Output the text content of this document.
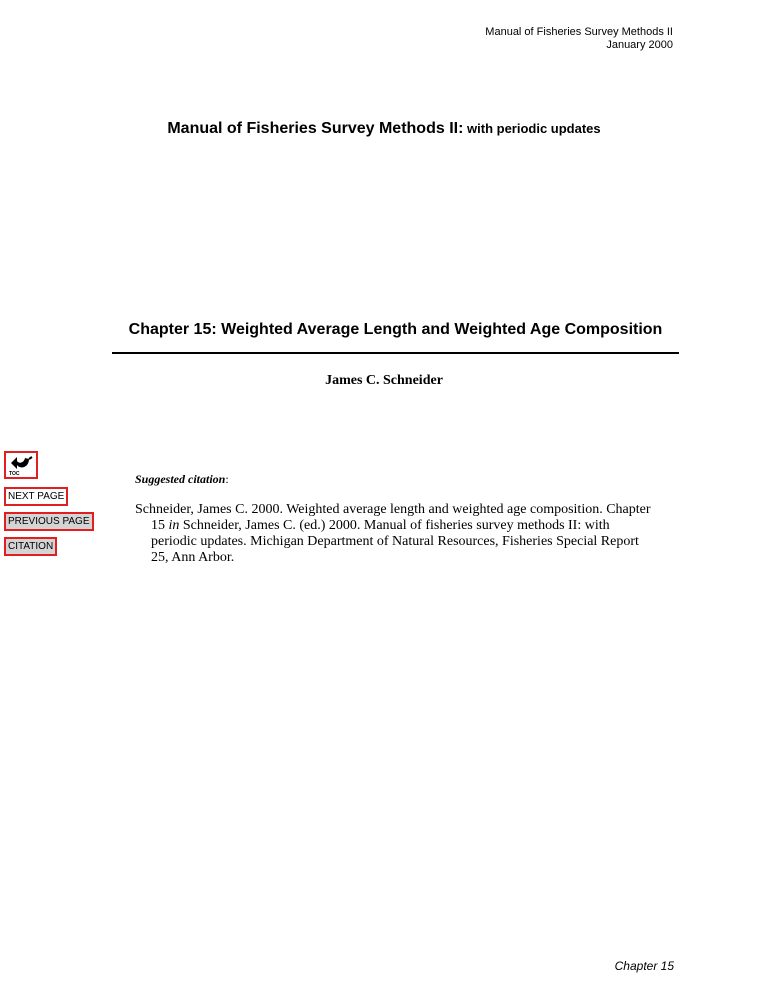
Manual of Fisheries Survey Methods II
January 2000
Manual of Fisheries Survey Methods II: with periodic updates
Chapter 15: Weighted Average Length and Weighted Age Composition
James C. Schneider
TOC
NEXT PAGE
PREVIOUS PAGE
CITATION
Suggested citation:
Schneider, James C. 2000. Weighted average length and weighted age composition. Chapter 15 in Schneider, James C. (ed.) 2000. Manual of fisheries survey methods II: with periodic updates. Michigan Department of Natural Resources, Fisheries Special Report 25, Ann Arbor.
Chapter 15
